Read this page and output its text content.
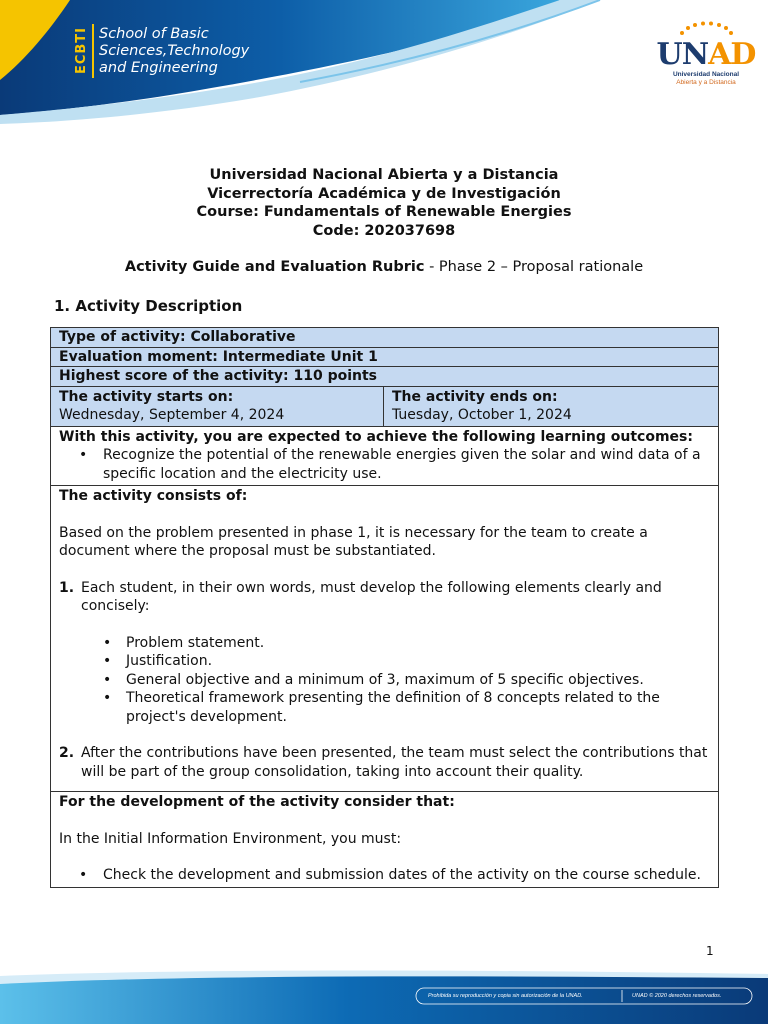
ECBTI School of Basic
Sciences,Technology
and Engineering	UNAD
Universidad Nacional
Abierta y a Distancia
Universidad Nacional Abierta y a Distancia
Vicerrectoría Académica y de Investigación
Course: Fundamentals of Renewable Energies
Code: 202037698
Activity Guide and Evaluation Rubric - Phase 2 – Proposal rationale
1. Activity Description
Type of activity: Collaborative
Evaluation moment: Intermediate Unit 1
Highest score of the activity: 110 points
The activity starts on:
Wednesday, September 4, 2024
The activity ends on:
Tuesday, October 1, 2024
With this activity, you are expected to achieve the following learning outcomes:
• Recognize the potential of the renewable energies given the solar and wind data of a specific location and the electricity use.
The activity consists of:
Based on the problem presented in phase 1, it is necessary for the team to create a document where the proposal must be substantiated.
1. Each student, in their own words, must develop the following elements clearly and concisely:
• Problem statement.
• Justification.
• General objective and a minimum of 3, maximum of 5 specific objectives.
• Theoretical framework presenting the definition of 8 concepts related to the project's development.
2. After the contributions have been presented, the team must select the contributions that will be part of the group consolidation, taking into account their quality.
For the development of the activity consider that:
In the Initial Information Environment, you must:
• Check the development and submission dates of the activity on the course schedule.
1
Prohibida su reproducción y copia sin autorización de la UNAD.	UNAD © 2020 derechos reservados.
